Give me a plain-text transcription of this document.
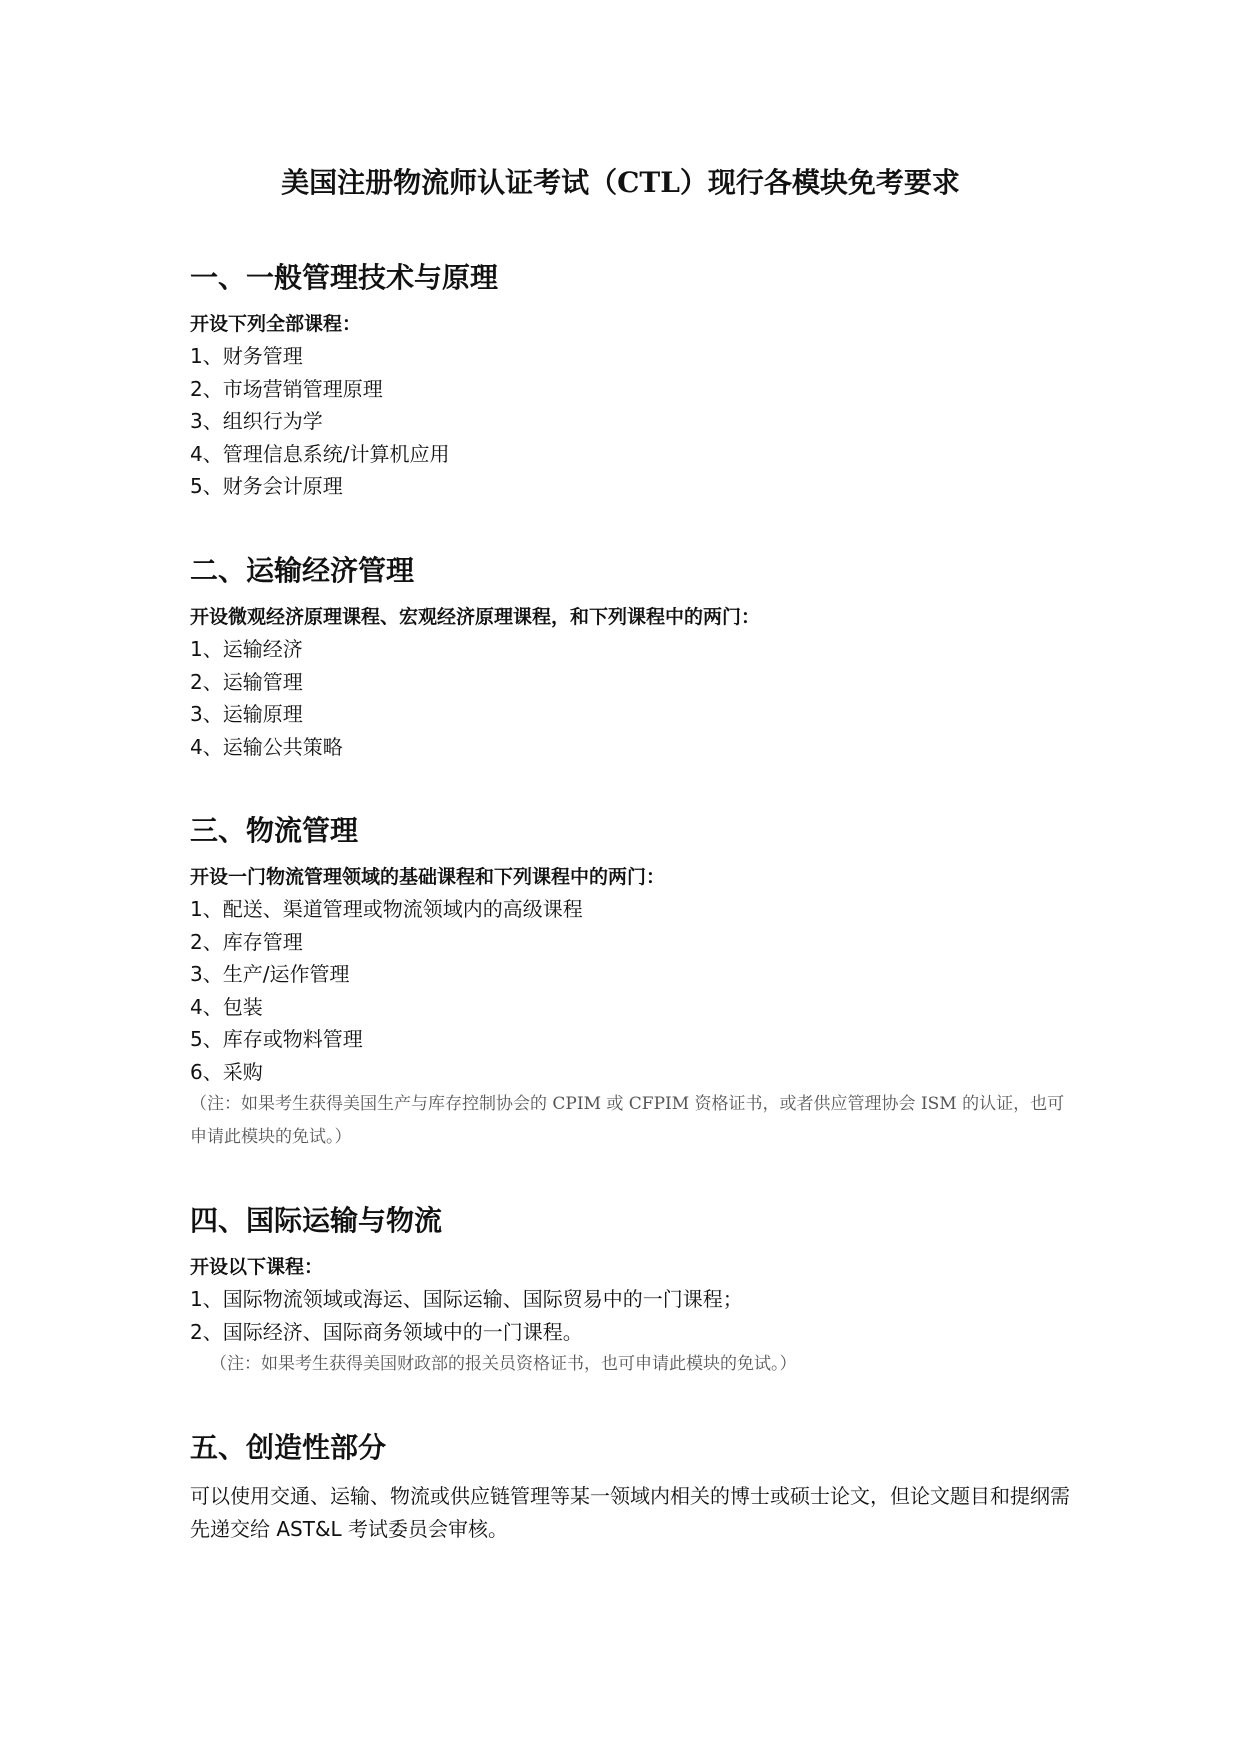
美国注册物流师认证考试（CTL）现行各模块免考要求
一、一般管理技术与原理
开设下列全部课程：
1、财务管理
2、市场营销管理原理
3、组织行为学
4、管理信息系统/计算机应用
5、财务会计原理
二、运输经济管理
开设微观经济原理课程、宏观经济原理课程，和下列课程中的两门：
1、运输经济
2、运输管理
3、运输原理
4、运输公共策略
三、物流管理
开设一门物流管理领域的基础课程和下列课程中的两门：
1、配送、渠道管理或物流领域内的高级课程
2、库存管理
3、生产/运作管理
4、包装
5、库存或物料管理
6、采购
（注：如果考生获得美国生产与库存控制协会的 CPIM 或 CFPIM 资格证书，或者供应管理协会 ISM 的认证，也可申请此模块的免试。）
四、国际运输与物流
开设以下课程：
1、国际物流领域或海运、国际运输、国际贸易中的一门课程；
2、国际经济、国际商务领域中的一门课程。
（注：如果考生获得美国财政部的报关员资格证书，也可申请此模块的免试。）
五、创造性部分
可以使用交通、运输、物流或供应链管理等某一领域内相关的博士或硕士论文，但论文题目和提纲需先递交给 AST&L 考试委员会审核。
